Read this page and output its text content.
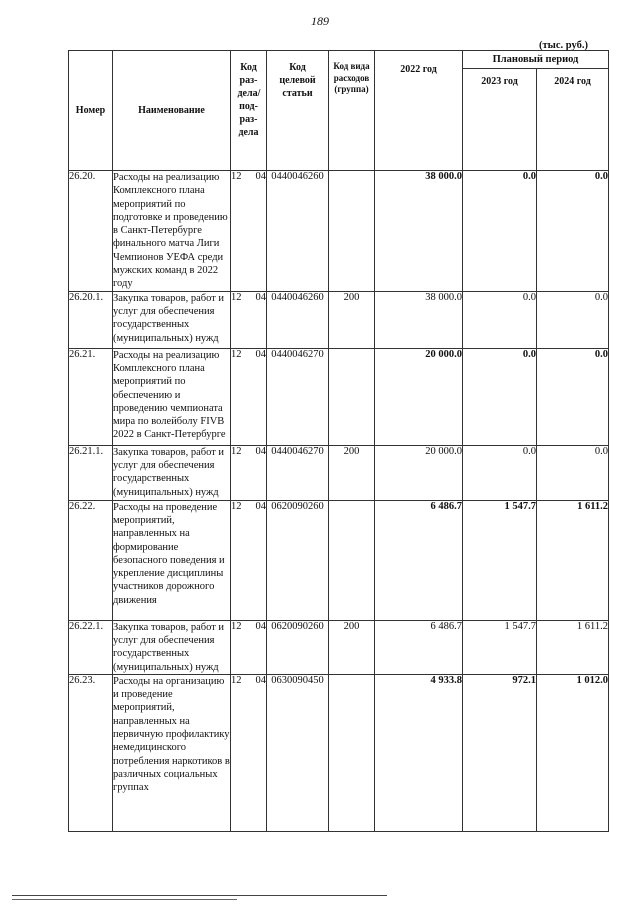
189
(тыс. руб.)
Номер	Наименование	Код раз- дела/ под- раз- дела	Код целевой статьи	Код вида расходов (группа)	2022 год	Плановый период	
						2023 год	2024 год
26.20.	Расходы на реализацию Комплексного плана мероприятий по подготовке и проведению в Санкт-Петербурге финального матча Лиги Чемпионов УЕФА среди мужских команд в 2022 году	12 04	0440046260		38 000.0	0.0	0.0
26.20.1.	Закупка товаров, работ и услуг для обеспечения государственных (муниципальных) нужд	12 04	0440046260	200	38 000.0	0.0	0.0
26.21.	Расходы на реализацию Комплексного плана мероприятий по обеспечению и проведению чемпионата мира по волейболу FIVB 2022 в Санкт-Петербурге	12 04	0440046270		20 000.0	0.0	0.0
26.21.1.	Закупка товаров, работ и услуг для обеспечения государственных (муниципальных) нужд	12 04	0440046270	200	20 000.0	0.0	0.0
26.22.	Расходы на проведение мероприятий, направленных на формирование безопасного поведения и укрепление дисциплины участников дорожного движения	12 04	0620090260		6 486.7	1 547.7	1 611.2
26.22.1.	Закупка товаров, работ и услуг для обеспечения государственных (муниципальных) нужд	12 04	0620090260	200	6 486.7	1 547.7	1 611.2
26.23.	Расходы на организацию и проведение мероприятий, направленных на первичную профилактику немедицинского потребления наркотиков в различных социальных группах	12 04	0630090450		4 933.8	972.1	1 012.0
